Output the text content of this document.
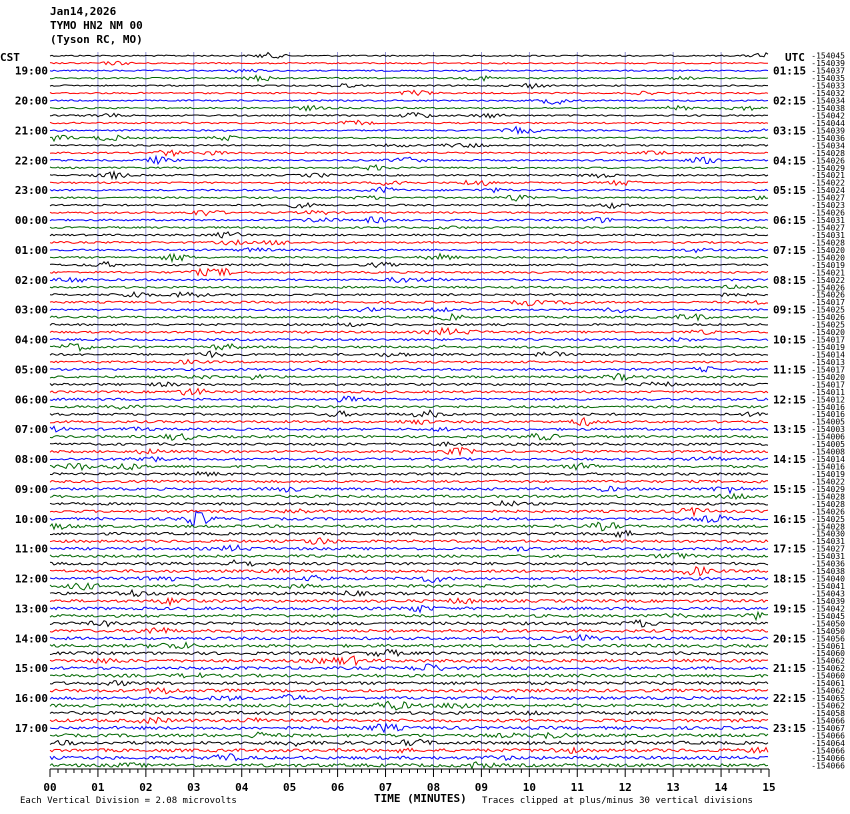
Jan14,2026
TYMO HN2 NM 00
(Tyson RC, MO)
-154045
-154039
-154037
-154035
-154033
-154032
-154034
-154038
-154042
-154044
-154039
-154036
-154034
-154028
-154026
-154029
-154021
-154022
-154024
-154027
-154023
-154026
-154031
-154027
-154031
-154028
-154020
-154020
-154019
-154021
-154022
-154026
-154026
-154017
-154025
-154026
-154025
-154020
-154017
-154019
-154014
-154013
-154017
-154020
-154017
-154011
-154012
-154016
-154016
-154005
-154003
-154006
-154005
-154008
-154014
-154016
-154019
-154022
-154029
-154028
-154028
-154026
-154025
-154028
-154030
-154031
-154027
-154031
-154036
-154038
-154040
-154041
-154043
-154039
-154042
-154045
-154050
-154050
-154056
-154061
-154060
-154062
-154062
-154060
-154061
-154062
-154065
-154062
-154058
-154066
-154067
-154066
-154064
-154066
-154066
-154066
CST	UTC
19:00
20:00
21:00
22:00
23:00
00:00
01:00
02:00
03:00
04:00
05:00
06:00
07:00
08:00
09:00
10:00
11:00
12:00
13:00
14:00
15:00
16:00
17:00
01:15
02:15
03:15
04:15
05:15
06:15
07:15
08:15
09:15
10:15
11:15
12:15
13:15
14:15
15:15
16:15
17:15
18:15
19:15
20:15
21:15
22:15
23:15
00	01	02	03	04	05	06	07	08	09	10	11	12	13	14	15
TIME (MINUTES)
Each Vertical Division = 2.08 microvolts	Traces clipped at plus/minus 30 vertical divisions
